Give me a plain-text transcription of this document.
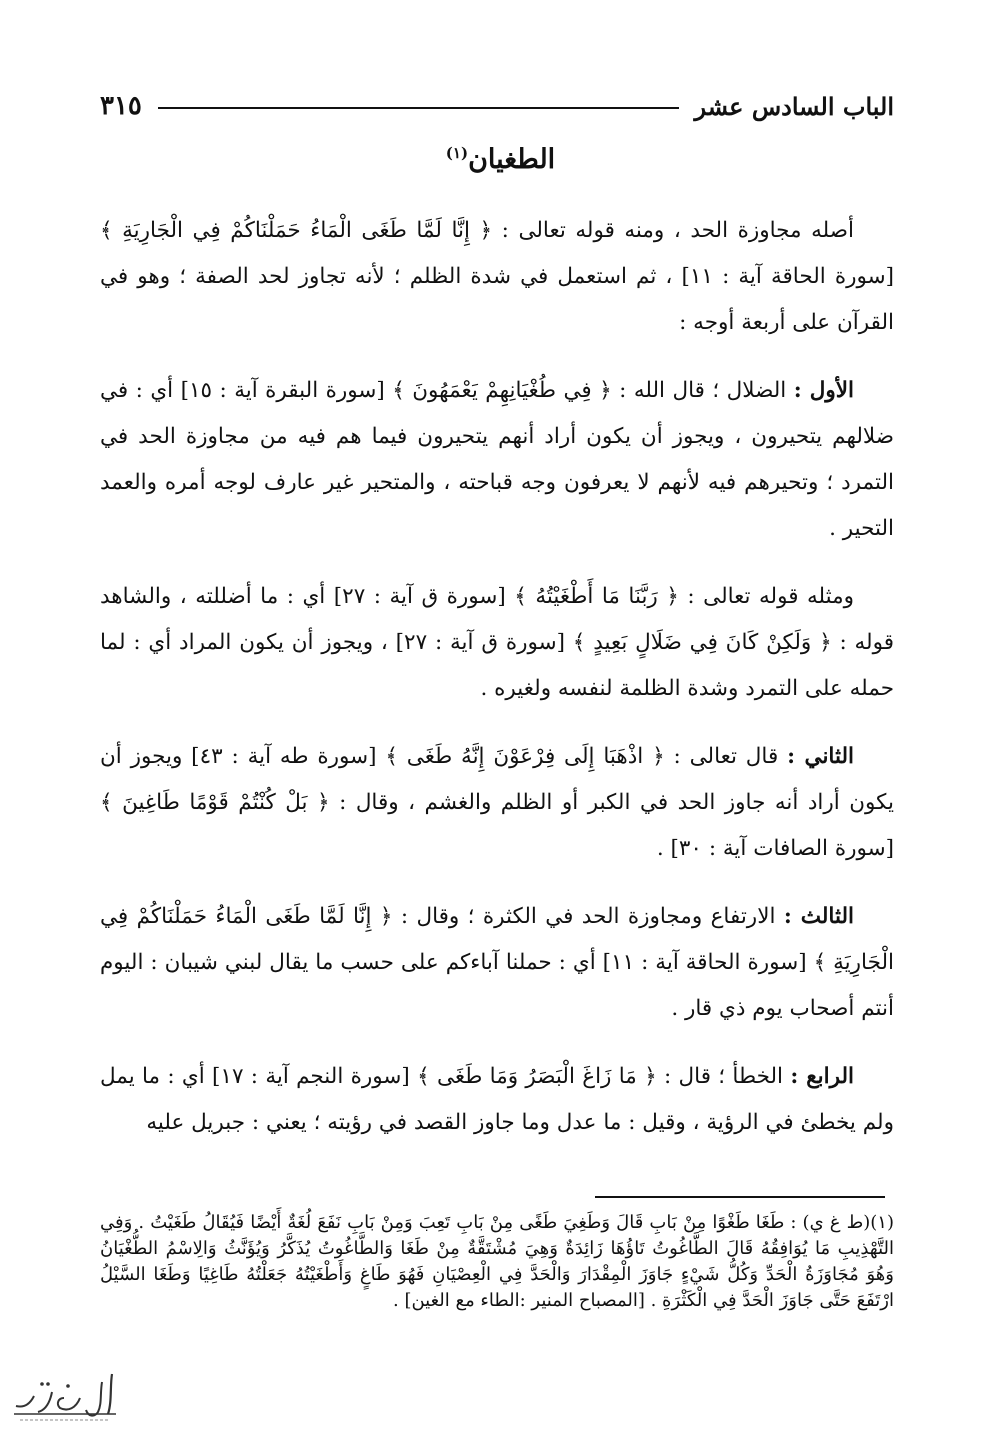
الباب السادس عشر
٣١٥
الطغيان$^{(١)}$

أصله مجاوزة الحد ، ومنه قوله تعالى : ﴿ إِنَّا لَمَّا طَغَى الْمَاءُ حَمَلْنَاكُمْ فِي الْجَارِيَةِ ﴾ [سورة الحاقة آية : ١١] ، ثم استعمل في شدة الظلم ؛ لأنه تجاوز لحد الصفة ؛ وهو في القرآن على أربعة أوجه :

الأول : الضلال ؛ قال الله : ﴿ فِي طُغْيَانِهِمْ يَعْمَهُونَ ﴾ [سورة البقرة آية : ١٥] أي : في ضلالهم يتحيرون ، ويجوز أن يكون أراد أنهم يتحيرون فيما هم فيه من مجاوزة الحد في التمرد ؛ وتحيرهم فيه لأنهم لا يعرفون وجه قباحته ، والمتحير غير عارف لوجه أمره والعمد التحير .

ومثله قوله تعالى : ﴿ رَبَّنَا مَا أَطْغَيْتُهُ ﴾ [سورة ق آية : ٢٧] أي : ما أضللته ، والشاهد قوله : ﴿ وَلَكِنْ كَانَ فِي ضَلَالٍ بَعِيدٍ ﴾ [سورة ق آية : ٢٧] ، ويجوز أن يكون المراد أي : لما حمله على التمرد وشدة الظلمة لنفسه ولغيره .

الثاني : قال تعالى : ﴿ اذْهَبَا إِلَى فِرْعَوْنَ إِنَّهُ طَغَى ﴾ [سورة طه آية : ٤٣] ويجوز أن يكون أراد أنه جاوز الحد في الكبر أو الظلم والغشم ، وقال : ﴿ بَلْ كُنْتُمْ قَوْمًا طَاغِينَ ﴾ [سورة الصافات آية : ٣٠] .

الثالث : الارتفاع ومجاوزة الحد في الكثرة ؛ وقال : ﴿ إِنَّا لَمَّا طَغَى الْمَاءُ حَمَلْنَاكُمْ فِي الْجَارِيَةِ ﴾ [سورة الحاقة آية : ١١] أي : حملنا آباءكم على حسب ما يقال لبني شيبان : اليوم أنتم أصحاب يوم ذي قار .

الرابع : الخطأ ؛ قال : ﴿ مَا زَاغَ الْبَصَرُ وَمَا طَغَى ﴾ [سورة النجم آية : ١٧] أي : ما يمل ولم يخطئ في الرؤية ، وقيل : ما عدل وما جاوز القصد في رؤيته ؛ يعني : جبريل عليه

(١)(ط غ ي) : طَغَا طَغْوًا مِنْ بَابِ قَالَ وَطَغِيَ طَغًى مِنْ بَابِ تَعِبَ وَمِنْ بَابِ نَفَعَ لُغَةٌ أَيْضًا فَيُقَالُ طَغَيْتُ . وَفِي التَّهْذِيبِ مَا يُوَافِقُهُ قَالَ الطَّاغُوتُ تَاؤُهَا زَائِدَةٌ وَهِيَ مُشْتَقَّةٌ مِنْ طَغَا وَالطَّاغُوتُ يُذَكَّرُ وَيُؤَنَّثُ وَالِاسْمُ الطُّغْيَانُ وَهُوَ مُجَاوَزَةُ الْحَدِّ وَكُلُّ شَيْءٍ جَاوَزَ الْمِقْدَارَ وَالْحَدَّ فِي الْعِصْيَانِ فَهُوَ طَاغٍ وَأَطْغَيْتُهُ جَعَلْتُهُ طَاغِيًا وَطَغَا السَّيْلُ ارْتَفَعَ حَتَّى جَاوَزَ الْحَدَّ فِي الْكَثْرَةِ . [المصباح المنير :الطاء مع الغين] .
